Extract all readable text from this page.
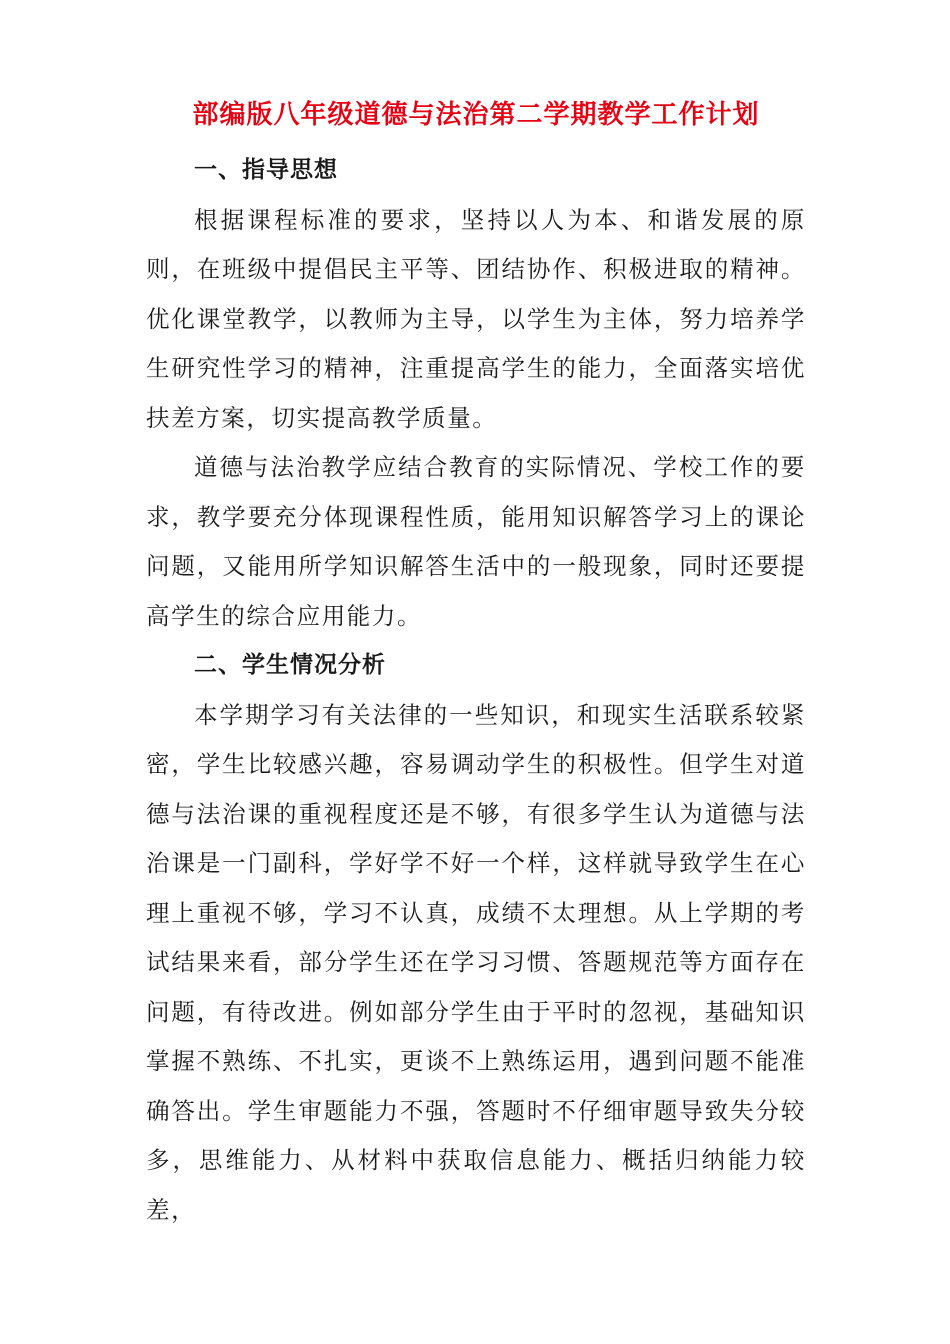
部编版八年级道德与法治第二学期教学工作计划
一、指导思想

根据课程标准的要求，坚持以人为本、和谐发展的原则，在班级中提倡民主平等、团结协作、积极进取的精神。优化课堂教学，以教师为主导，以学生为主体，努力培养学生研究性学习的精神，注重提高学生的能力，全面落实培优扶差方案，切实提高教学质量。

道德与法治教学应结合教育的实际情况、学校工作的要求，教学要充分体现课程性质，能用知识解答学习上的课论问题，又能用所学知识解答生活中的一般现象，同时还要提高学生的综合应用能力。

二、学生情况分析

本学期学习有关法律的一些知识，和现实生活联系较紧密，学生比较感兴趣，容易调动学生的积极性。但学生对道德与法治课的重视程度还是不够，有很多学生认为道德与法治课是一门副科，学好学不好一个样，这样就导致学生在心理上重视不够，学习不认真，成绩不太理想。从上学期的考试结果来看，部分学生还在学习习惯、答题规范等方面存在问题，有待改进。例如部分学生由于平时的忽视，基础知识掌握不熟练、不扎实，更谈不上熟练运用，遇到问题不能准确答出。学生审题能力不强，答题时不仔细审题导致失分较多，思维能力、从材料中获取信息能力、概括归纳能力较差，
